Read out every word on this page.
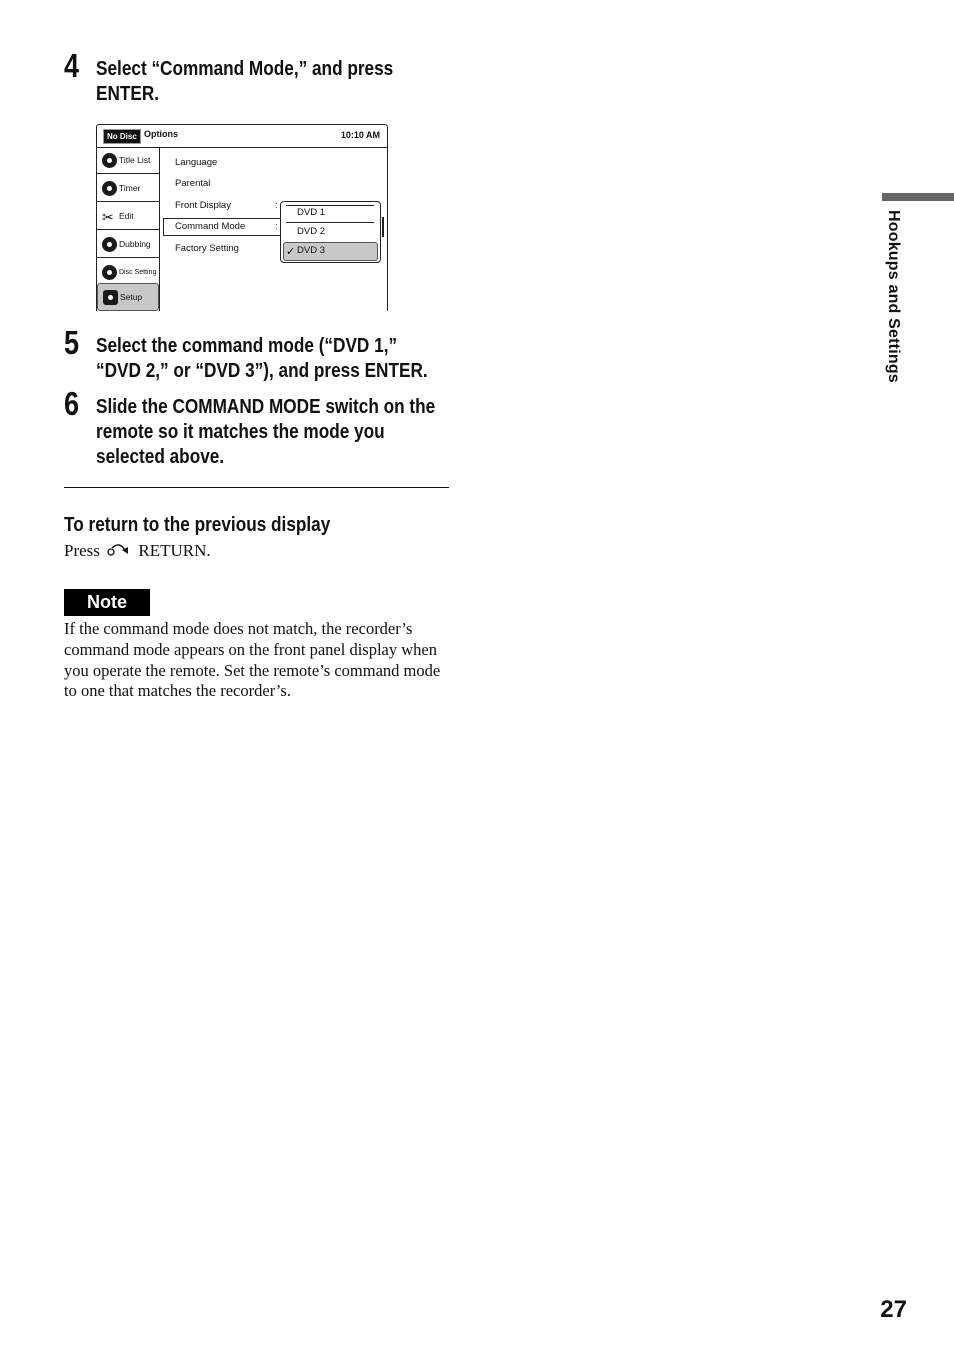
4 Select “Command Mode,” and press
ENTER.
No Disc Options	10:10 AM
Title List
Timer
✂ Edit
Dubbing
Disc Setting
Setup
Language
Parental
Front Display	:
Command Mode	:
Factory Setting
DVD 1
DVD 2
✓ DVD 3
5 Select the command mode (“DVD 1,”
“DVD 2,” or “DVD 3”), and press ENTER.
6 Slide the COMMAND MODE switch on the
remote so it matches the mode you
selected above.
To return to the previous display
Press RETURN.
Note
If the command mode does not match, the recorder’s
command mode appears on the front panel display when
you operate the remote. Set the remote’s command mode
to one that matches the recorder’s.
Hookups and Settings
27
